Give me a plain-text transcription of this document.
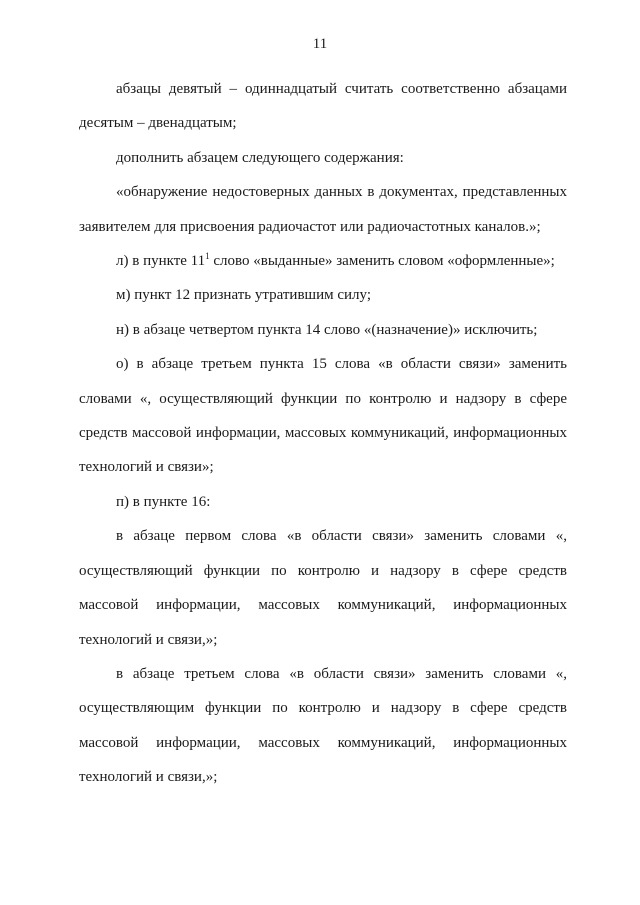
11

абзацы девятый – одиннадцатый считать соответственно абзацами десятым – двенадцатым;

дополнить абзацем следующего содержания:

«обнаружение недостоверных данных в документах, представленных заявителем для присвоения радиочастот или радиочастотных каналов.»;

л) в пункте $11^1$ слово «выданные» заменить словом «оформленные»;

м) пункт 12 признать утратившим силу;

н) в абзаце четвертом пункта 14 слово «(назначение)» исключить;

о) в абзаце третьем пункта 15 слова «в области связи» заменить словами «, осуществляющий функции по контролю и надзору в сфере средств массовой информации, массовых коммуникаций, информационных технологий и связи»;

п) в пункте 16:

в абзаце первом слова «в области связи» заменить словами «, осуществляющий функции по контролю и надзору в сфере средств массовой информации, массовых коммуникаций, информационных технологий и связи,»;

в абзаце третьем слова «в области связи» заменить словами «, осуществляющим функции по контролю и надзору в сфере средств массовой информации, массовых коммуникаций, информационных технологий и связи,»;
